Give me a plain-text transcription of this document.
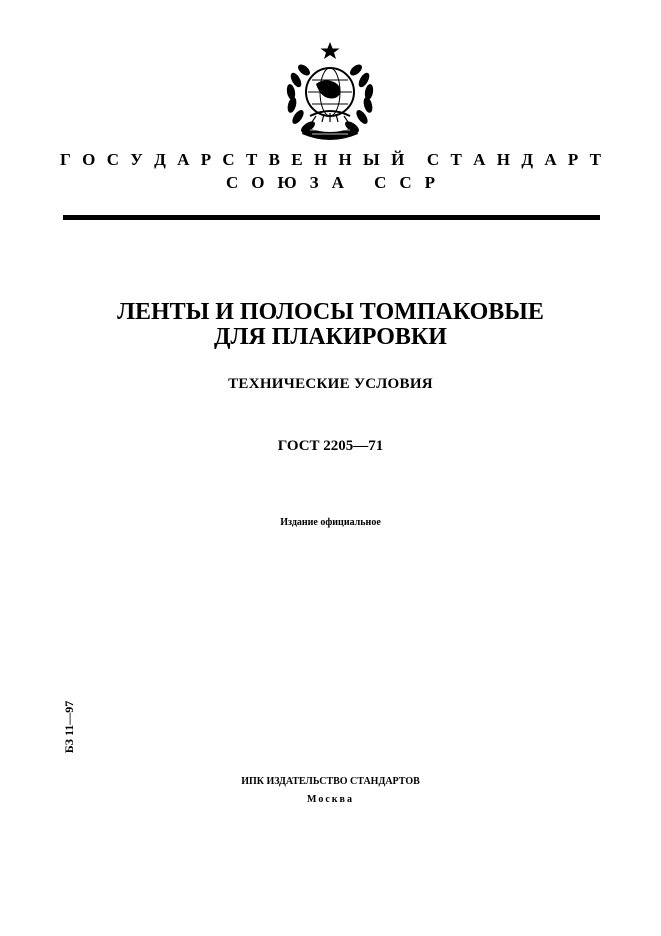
Г О С У Д А Р С Т В Е Н Н Ы Й С Т А Н Д А Р Т
СОЮЗА ССР
ЛЕНТЫ И ПОЛОСЫ ТОМПАКОВЫЕ
ДЛЯ ПЛАКИРОВКИ
ТЕХНИЧЕСКИЕ УСЛОВИЯ
ГОСТ 2205—71
Издание официальное
БЗ 11—97
ИПК ИЗДАТЕЛЬСТВО СТАНДАРТОВ
Москва
